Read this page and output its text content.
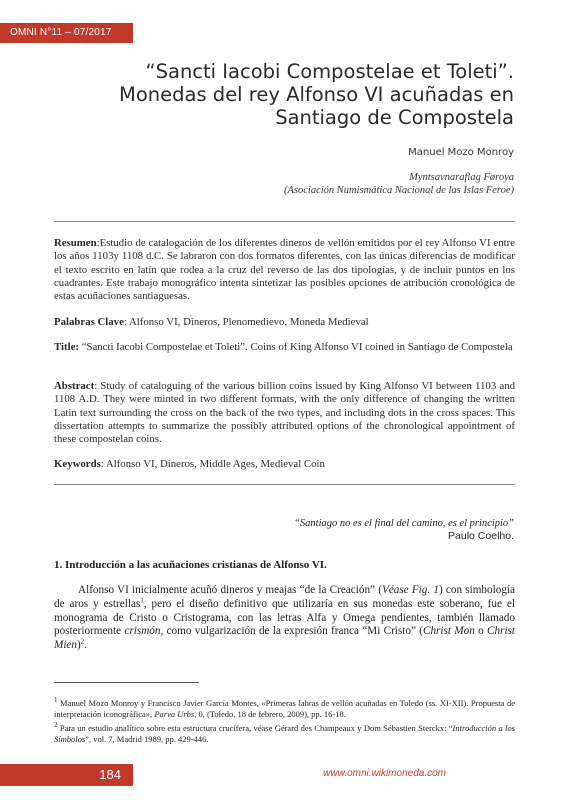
OMNI N°11 – 07/2017
“Sancti Iacobi Compostelae et Toleti”.
Monedas del rey Alfonso VI acuñadas en
Santiago de Compostela
Manuel Mozo Monroy
Myntsavnaraflag Føroya
(Asociación Numismática Nacional de las Islas Feroe)
Resumen:Estudio de catalogación de los diferentes dineros de vellón emitidos por el rey Alfonso VI entre los años 1103y 1108 d.C. Se labraron con dos formatos diferentes, con las únicas diferencias de modificar el texto escrito en latín que rodea a la cruz del reverso de las dos tipologías, y de incluir puntos en los cuadrantes. Este trabajo monográfico intenta sintetizar las posibles opciones de atribución cronológica de estas acuñaciones santiaguesas.
Palabras Clave: Alfonso VI, Dineros, Plenomedievo, Moneda Medieval
Title: “Sancti Iacobi Compostelae et Toleti”. Coins of King Alfonso VI coined in Santiago de Compostela
Abstract: Study of cataloguing of the various billion coins issued by King Alfonso VI between 1103 and 1108 A.D. They were minted in two different formats, with the only difference of changing the written Latin text surrounding the cross on the back of the two types, and including dots in the cross spaces. This dissertation attempts to summarize the possibly attributed options of the chronological appointment of these compostelan coins.
Keywords: Alfonso VI, Dineros, Middle Ages, Medieval Coin
“Santiago no es el final del camino, es el principio”
Paulo Coelho.
1. Introducción a las acuñaciones cristianas de Alfonso VI.
Alfonso VI inicialmente acuñó dineros y meajas “de la Creación” (Véase Fig. 1) con simbología de aros y estrellas$^1$, pero el diseño definitivo que utilizaría en sus monedas este soberano, fue el monograma de Cristo o Cristograma, con las letras Alfa y Omega pendientes, también llamado posteriormente crismón, como vulgarización de la expresión franca “Mi Cristo” (Christ Mon o Christ Mien)$^2$.
$^1$ Manuel Mozo Monroy y Francisco Javier García Montes, «Primeras labras de vellón acuñadas en Toledo (ss. XI-XII). Propuesta de interpretación iconográfica», Parva Urbs, 0, (Toledo, 18 de febrero, 2009), pp. 16-18.
$^2$ Para un estudio analítico sobre esta estructura crucífera, véase Gérard des Champeaux y Dom Sébastien Sterckx: “Introducción a los Símbolos”, vol. 7, Madrid 1989, pp. 429-446.
184	www.omni.wikimoneda.com
